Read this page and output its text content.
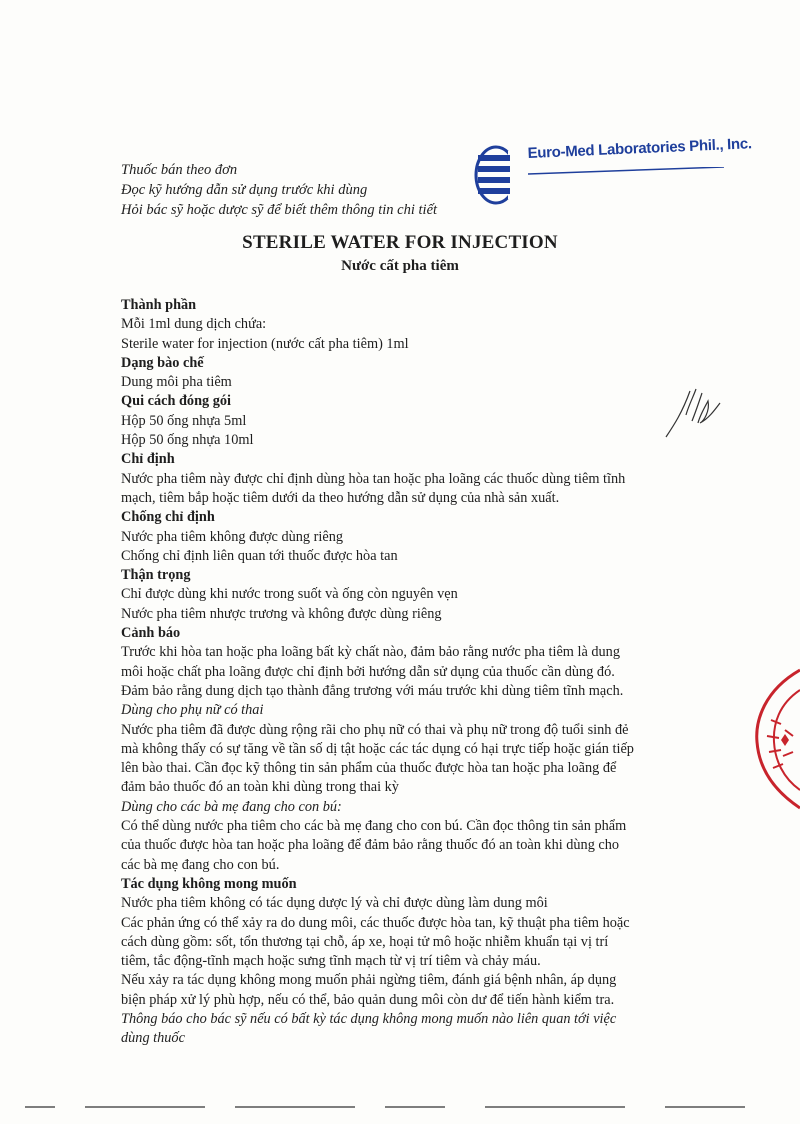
Thuốc bán theo đơn

Đọc kỹ hướng dẫn sử dụng trước khi dùng

Hỏi bác sỹ hoặc dược sỹ để biết thêm thông tin chi tiết

Euro-Med Laboratories Phil., Inc.
STERILE WATER FOR INJECTION
Nước cất pha tiêm

Thành phần

Mỗi 1ml dung dịch chứa:

Sterile water for injection (nước cất pha tiêm) 1ml

Dạng bào chế

Dung môi pha tiêm

Qui cách đóng gói

Hộp 50 ống nhựa 5ml

Hộp 50 ống nhựa 10ml

Chỉ định

Nước pha tiêm này được chỉ định dùng hòa tan hoặc pha loãng các thuốc dùng tiêm tĩnh

mạch, tiêm bắp hoặc tiêm dưới da theo hướng dẫn sử dụng của nhà sản xuất.

Chống chỉ định

Nước pha tiêm không được dùng riêng

Chống chỉ định liên quan tới thuốc được hòa tan

Thận trọng

Chỉ được dùng khi nước trong suốt và ống còn nguyên vẹn

Nước pha tiêm nhược trương và không được dùng riêng

Cảnh báo

Trước khi hòa tan hoặc pha loãng bất kỳ chất nào, đảm bảo rằng nước pha tiêm là dung

môi hoặc chất pha loãng được chỉ định bởi hướng dẫn sử dụng của thuốc cần dùng đó.

Đảm bảo rằng dung dịch tạo thành đẳng trương với máu trước khi dùng tiêm tĩnh mạch.

Dùng cho phụ nữ có thai

Nước pha tiêm đã được dùng rộng rãi cho phụ nữ có thai và phụ nữ trong độ tuổi sinh đẻ

mà không thấy có sự tăng về tần số dị tật hoặc các tác dụng có hại trực tiếp hoặc gián tiếp

lên bào thai. Cần đọc kỹ thông tin sản phẩm của thuốc được hòa tan hoặc pha loãng để

đảm bảo thuốc đó an toàn khi dùng trong thai kỳ

Dùng cho các bà mẹ đang cho con bú:

Có thể dùng nước pha tiêm cho các bà mẹ đang cho con bú. Cần đọc thông tin sản phẩm

của thuốc được hòa tan hoặc pha loãng để đảm bảo rằng thuốc đó an toàn khi dùng cho

các bà mẹ đang cho con bú.

Tác dụng không mong muốn

Nước pha tiêm không có tác dụng dược lý và chỉ được dùng làm dung môi

Các phản ứng có thể xảy ra do dung môi, các thuốc được hòa tan, kỹ thuật pha tiêm hoặc

cách dùng gồm: sốt, tổn thương tại chỗ, áp xe, hoại tử mô hoặc nhiễm khuẩn tại vị trí

tiêm, tắc động-tĩnh mạch hoặc sưng tĩnh mạch từ vị trí tiêm và chảy máu.

Nếu xảy ra tác dụng không mong muốn phải ngừng tiêm, đánh giá bệnh nhân, áp dụng

biện pháp xử lý phù hợp, nếu có thể, bảo quản dung môi còn dư để tiến hành kiểm tra.

Thông báo cho bác sỹ nếu có bất kỳ tác dụng không mong muốn nào liên quan tới việc

dùng thuốc
